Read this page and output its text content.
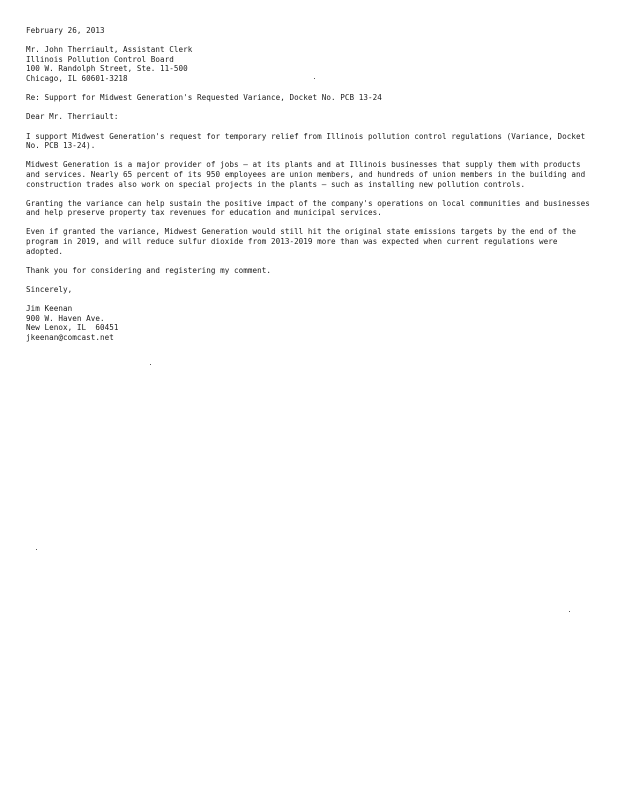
February 26, 2013

Mr. John Therriault, Assistant Clerk
Illinois Pollution Control Board
100 W. Randolph Street, Ste. 11-500
Chicago, IL 60601-3218

Re: Support for Midwest Generation's Requested Variance, Docket No. PCB 13-24

Dear Mr. Therriault:

I support Midwest Generation's request for temporary relief from Illinois pollution control regulations (Variance, Docket No. PCB 13-24).

Midwest Generation is a major provider of jobs — at its plants and at Illinois businesses that supply them with products and services. Nearly 65 percent of its 950 employees are union members, and hundreds of union members in the building and construction trades also work on special projects in the plants — such as installing new pollution controls.

Granting the variance can help sustain the positive impact of the company's operations on local communities and businesses and help preserve property tax revenues for education and municipal services.

Even if granted the variance, Midwest Generation would still hit the original state emissions targets by the end of the program in 2019, and will reduce sulfur dioxide from 2013-2019 more than was expected when current regulations were adopted.

Thank you for considering and registering my comment.

Sincerely,

Jim Keenan
900 W. Haven Ave.
New Lenox, IL  60451
jkeenan@comcast.net
